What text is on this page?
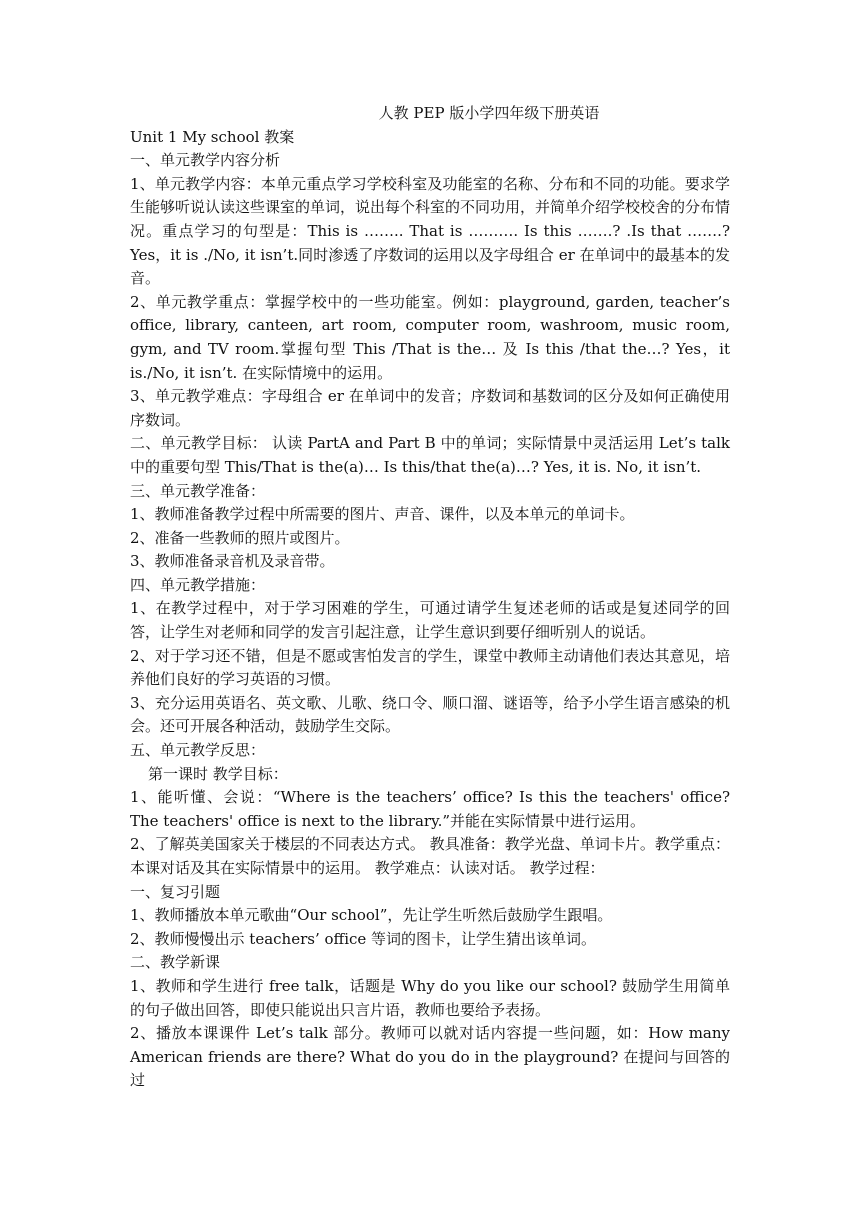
人教 PEP 版小学四年级下册英语

Unit 1 My school 教案

一、单元教学内容分析

1、单元教学内容：本单元重点学习学校科室及功能室的名称、分布和不同的功能。要求学生能够听说认读这些课室的单词，说出每个科室的不同功用，并简单介绍学校校舍的分布情况。重点学习的句型是：This is …….. That is ………. Is this …….? .Is that …….? Yes，it is ./No, it isn’t.同时渗透了序数词的运用以及字母组合 er 在单词中的最基本的发音。

2、单元教学重点：掌握学校中的一些功能室。例如：playground, garden, teacher’s office, library, canteen, art room, computer room, washroom, music room, gym, and TV room.掌握句型 This /That is the… 及 Is this /that the…? Yes，it is./No, it isn’t. 在实际情境中的运用。

3、单元教学难点：字母组合 er 在单词中的发音；序数词和基数词的区分及如何正确使用序数词。

二、单元教学目标： 认读 PartA and Part B 中的单词；实际情景中灵活运用 Let’s talk 中的重要句型 This/That is the(a)… Is this/that the(a)…? Yes, it is. No, it isn’t.

三、单元教学准备：

1、教师准备教学过程中所需要的图片、声音、课件，以及本单元的单词卡。

2、准备一些教师的照片或图片。

3、教师准备录音机及录音带。

四、单元教学措施：

1、在教学过程中，对于学习困难的学生，可通过请学生复述老师的话或是复述同学的回答，让学生对老师和同学的发言引起注意，让学生意识到要仔细听别人的说话。

2、对于学习还不错，但是不愿或害怕发言的学生，课堂中教师主动请他们表达其意见，培养他们良好的学习英语的习惯。

3、充分运用英语名、英文歌、儿歌、绕口令、顺口溜、谜语等，给予小学生语言感染的机会。还可开展各种活动，鼓励学生交际。

五、单元教学反思：

第一课时 教学目标：

1、能听懂、会说：“Where is the teachers’ office? Is this the teachers' office? The teachers' office is next to the library.”并能在实际情景中进行运用。

2、了解英美国家关于楼层的不同表达方式。 教具准备：教学光盘、单词卡片。教学重点：本课对话及其在实际情景中的运用。 教学难点：认读对话。 教学过程：

一、复习引题

1、教师播放本单元歌曲“Our school”，先让学生听然后鼓励学生跟唱。

2、教师慢慢出示 teachers’ office 等词的图卡，让学生猜出该单词。

二、教学新课

1、教师和学生进行 free talk，话题是 Why do you like our school? 鼓励学生用简单的句子做出回答，即使只能说出只言片语，教师也要给予表扬。

2、播放本课课件 Let’s talk 部分。教师可以就对话内容提一些问题，如：How many American friends are there? What do you do in the playground? 在提问与回答的过
